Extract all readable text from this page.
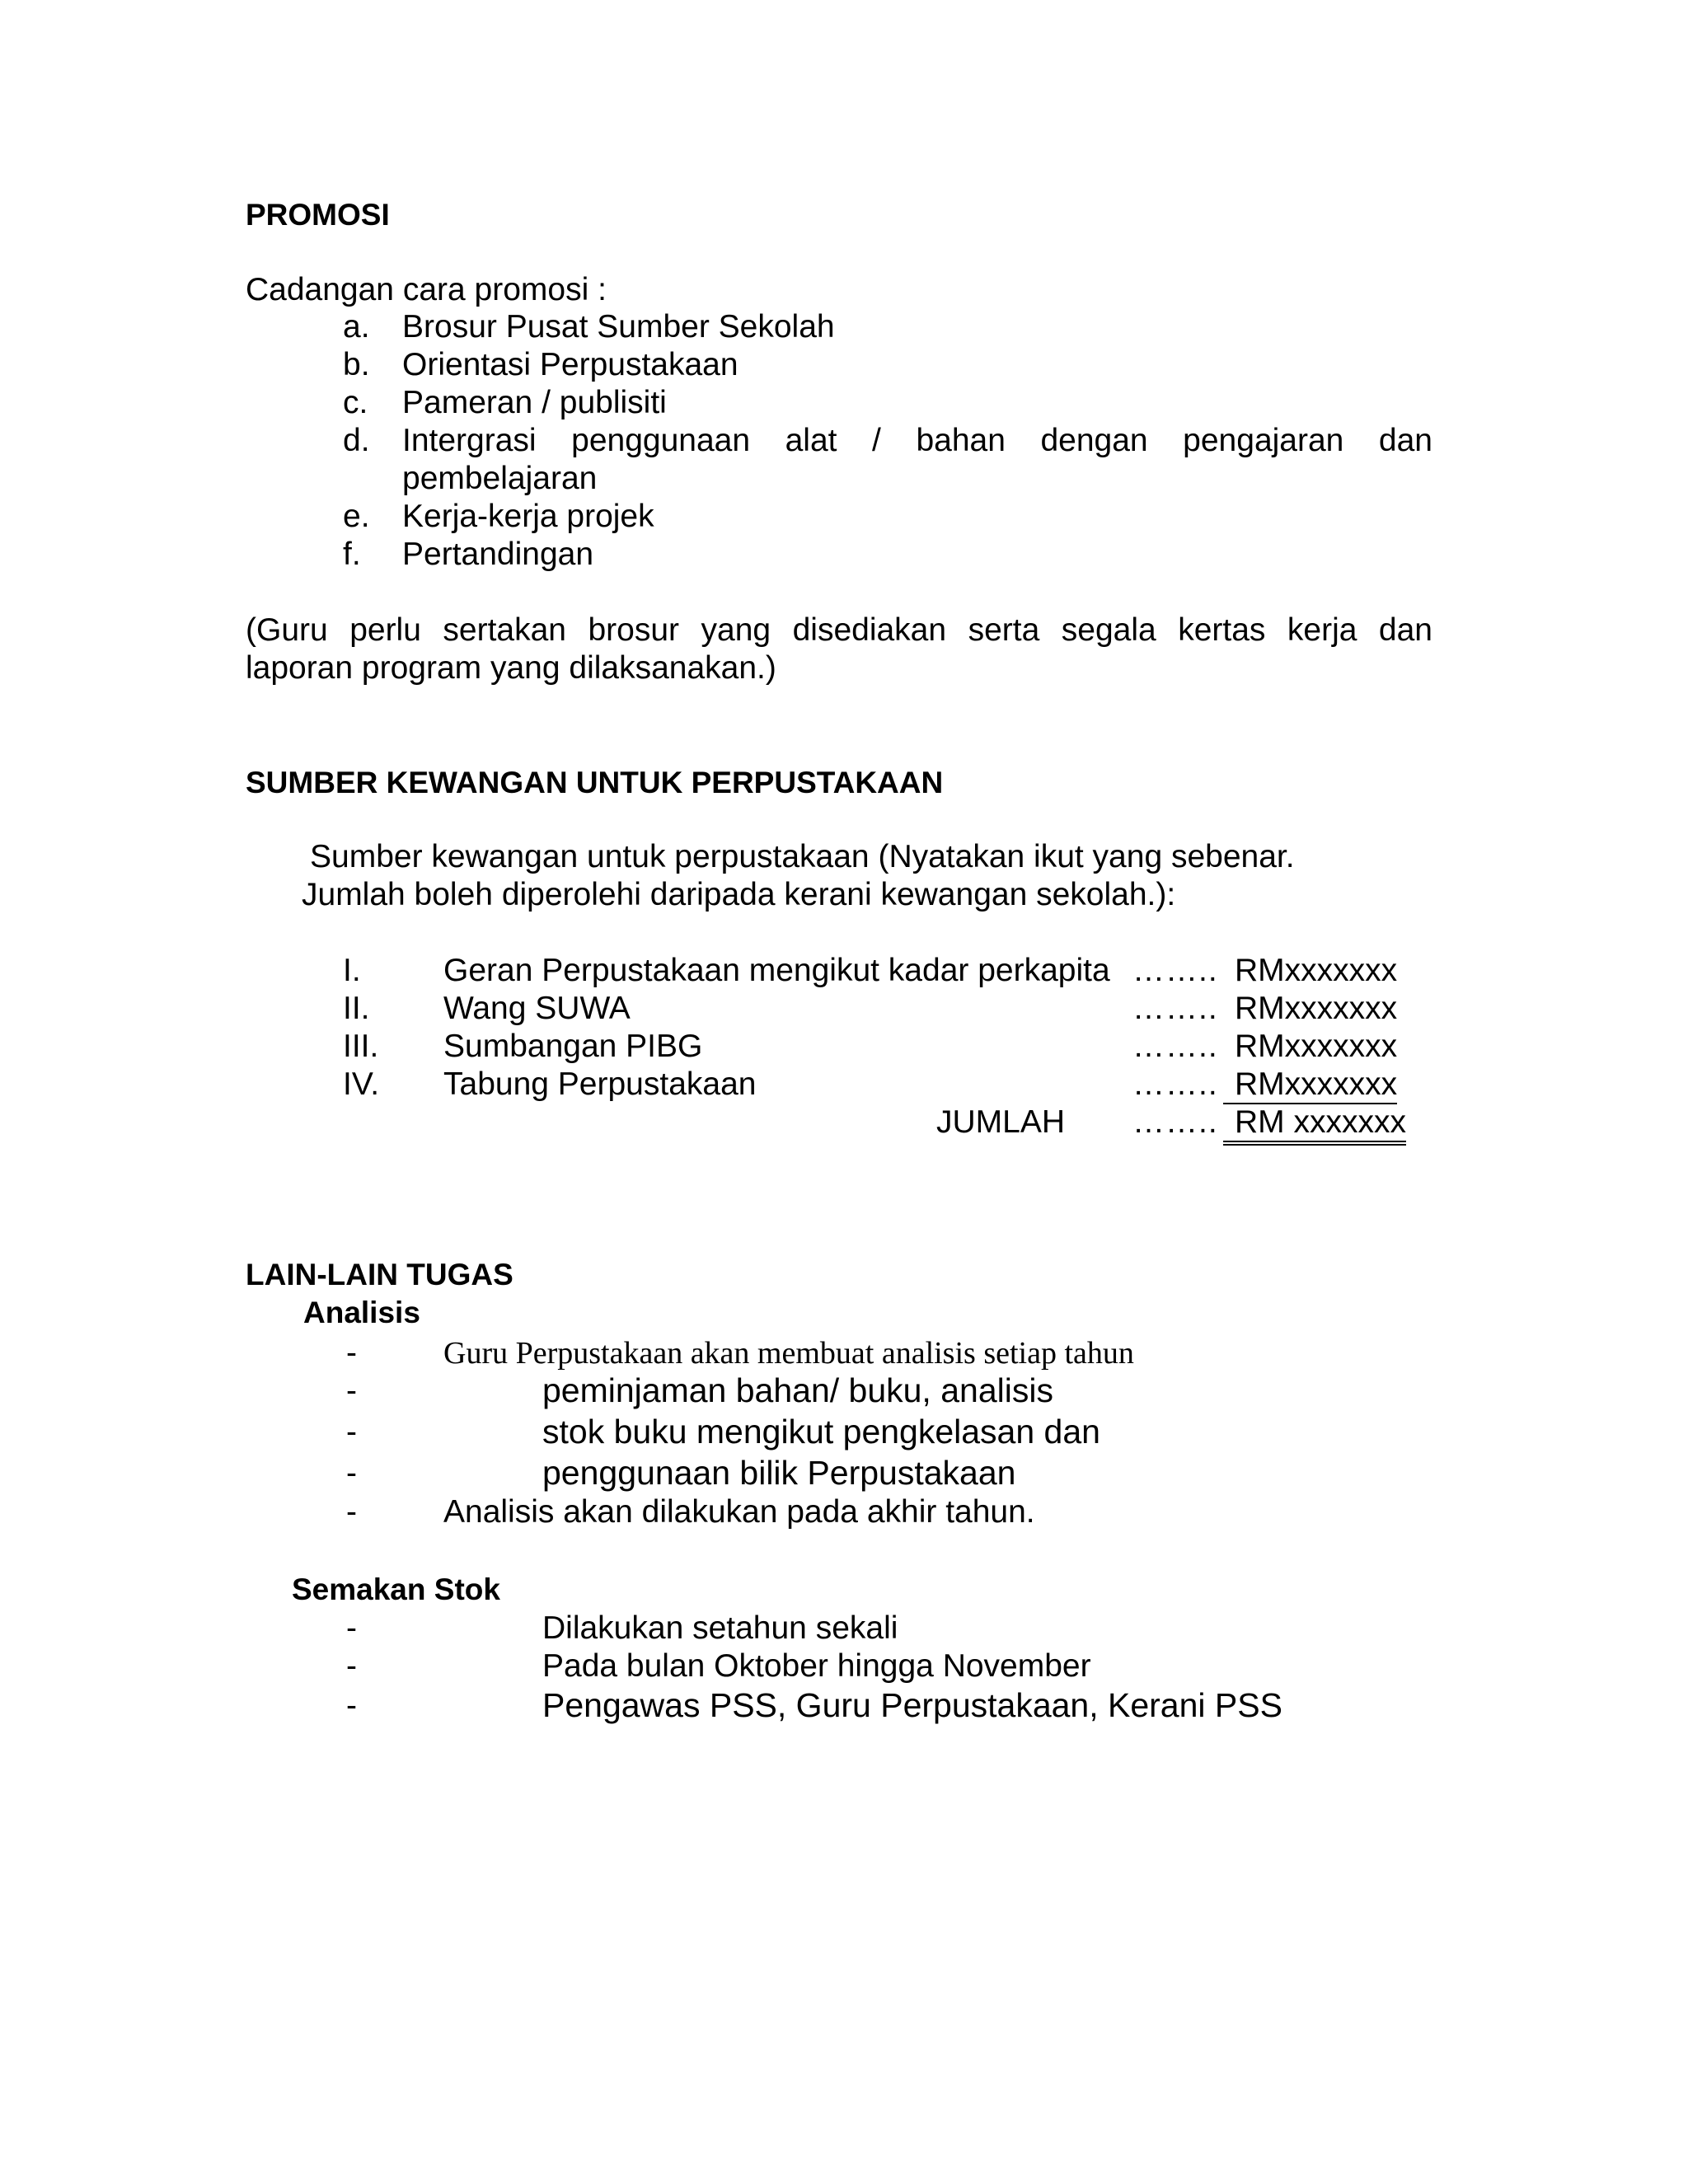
PROMOSI
Cadangan cara promosi :
a. Brosur Pusat Sumber Sekolah
b. Orientasi Perpustakaan
c. Pameran / publisiti
d. Intergrasi penggunaan alat / bahan dengan pengajaran dan
pembelajaran
e. Kerja-kerja projek
f. Pertandingan
(Guru perlu sertakan brosur yang disediakan serta segala kertas kerja dan
laporan program yang dilaksanakan.)
SUMBER KEWANGAN UNTUK PERPUSTAKAAN
Sumber kewangan untuk perpustakaan (Nyatakan ikut yang sebenar.
Jumlah boleh diperolehi daripada kerani kewangan sekolah.):
I.	Geran Perpustakaan mengikut kadar perkapita …….. RMxxxxxxx
II. Wang SUWA	…….. RMxxxxxxx
III. Sumbangan PIBG	…….. RMxxxxxxx
IV. Tabung Perpustakaan	…….. RMxxxxxxx
JUMLAH …….. RM xxxxxxx
LAIN-LAIN TUGAS
Analisis
-	Guru Perpustakaan akan membuat analisis setiap tahun
-	peminjaman bahan/ buku, analisis
-	stok buku mengikut pengkelasan dan
-	penggunaan bilik Perpustakaan
-	Analisis akan dilakukan pada akhir tahun.
Semakan Stok
-	Dilakukan setahun sekali
-	Pada bulan Oktober hingga November
-	Pengawas PSS, Guru Perpustakaan, Kerani PSS
